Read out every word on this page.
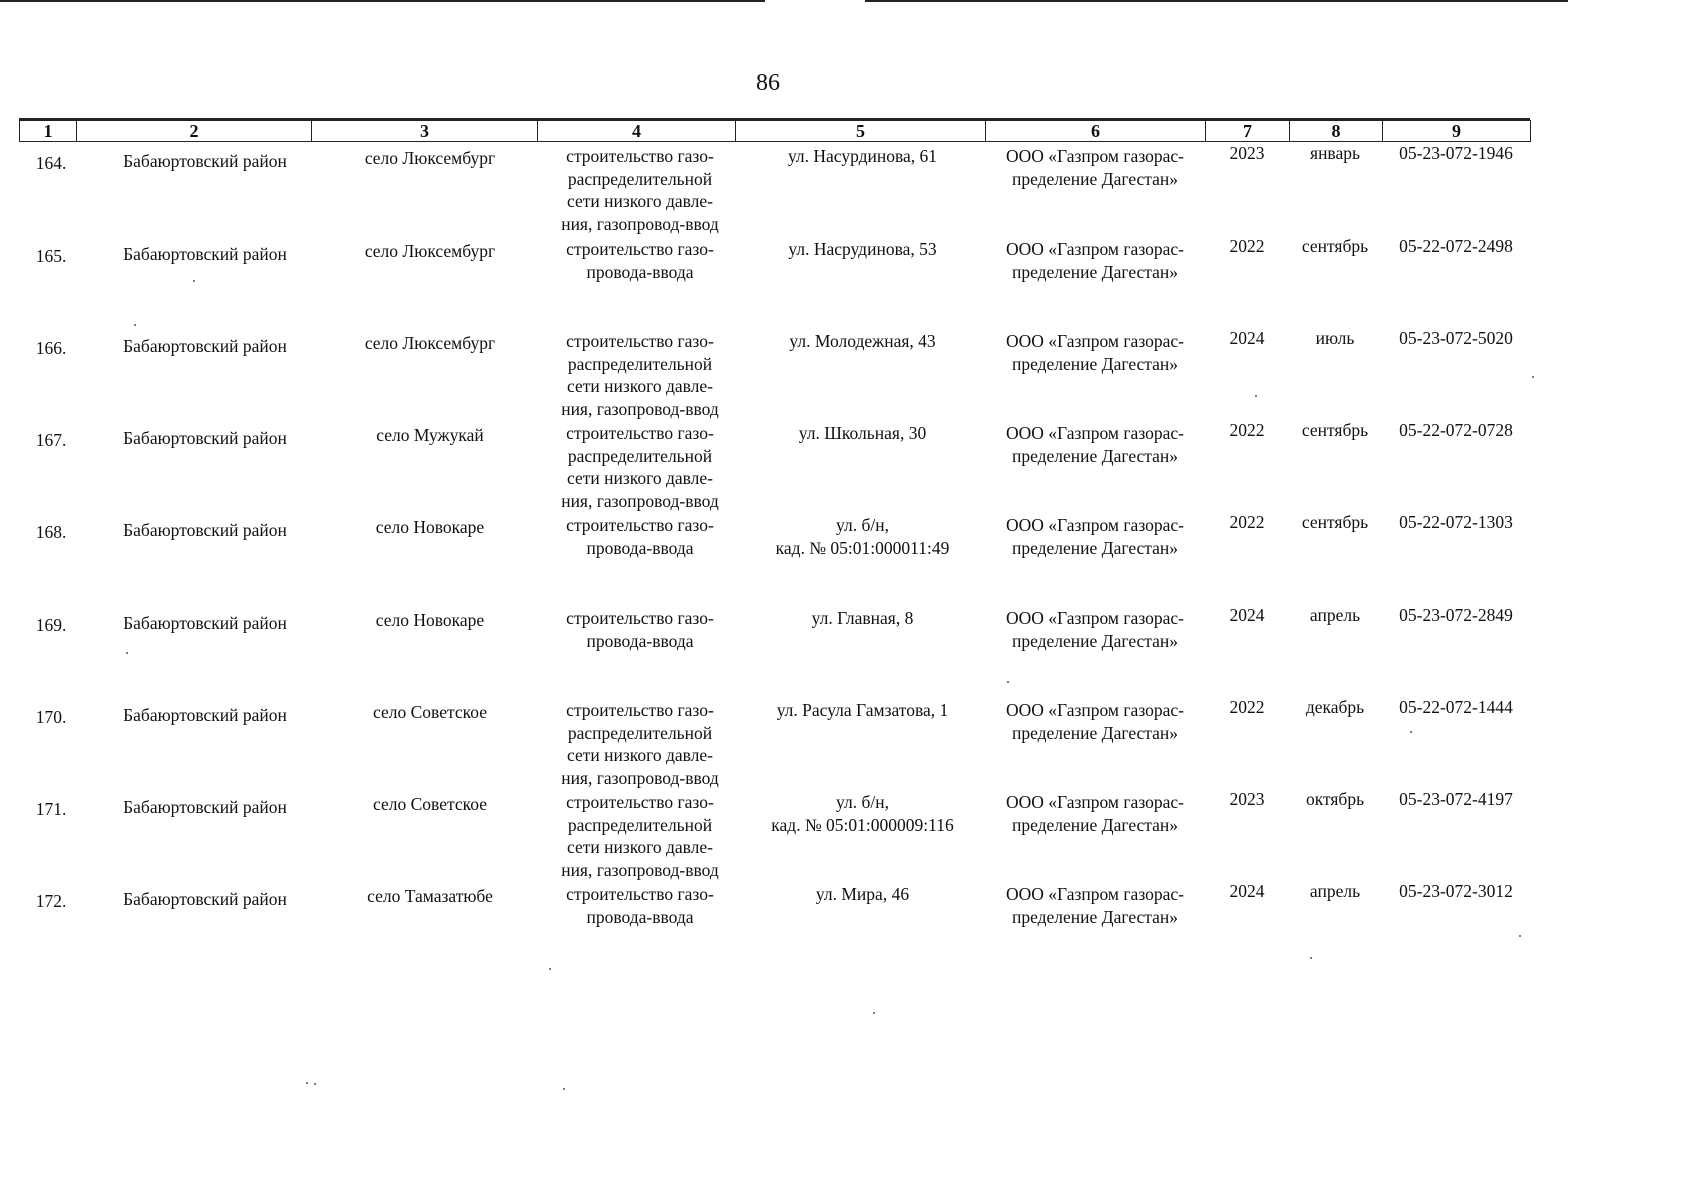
86
1	2	3	4	5	6	7	8	9
164.	Бабаюртовский район	село Люксембург	строительство газо-
распределительной
сети низкого давле-
ния, газопровод-ввод
ул. Насурдинова, 61	ООО «Газпром газорас-
пределение Дагестан»
2023	январь	05-23-072-1946
165.	Бабаюртовский район	село Люксембург	строительство газо-
провода-ввода
ул. Насрудинова, 53	ООО «Газпром газорас-
пределение Дагестан»
2022	сентябрь	05-22-072-2498
166.	Бабаюртовский район	село Люксембург	строительство газо-
распределительной
сети низкого давле-
ния, газопровод-ввод
ул. Молодежная, 43	ООО «Газпром газорас-
пределение Дагестан»
2024	июль	05-23-072-5020
167.	Бабаюртовский район	село Мужукай	строительство газо-
распределительной
сети низкого давле-
ния, газопровод-ввод
ул. Школьная, 30	ООО «Газпром газорас-
пределение Дагестан»
2022	сентябрь	05-22-072-0728
168.	Бабаюртовский район	село Новокаре	строительство газо-
провода-ввода
ул. б/н,
кад. № 05:01:000011:49
ООО «Газпром газорас-
пределение Дагестан»
2022	сентябрь	05-22-072-1303
169.	Бабаюртовский район	село Новокаре	строительство газо-
провода-ввода
ул. Главная, 8	ООО «Газпром газорас-
пределение Дагестан»
2024	апрель	05-23-072-2849
170.	Бабаюртовский район	село Советское	строительство газо-
распределительной
сети низкого давле-
ния, газопровод-ввод
ул. Расула Гамзатова, 1	ООО «Газпром газорас-
пределение Дагестан»
2022	декабрь	05-22-072-1444
171.	Бабаюртовский район	село Советское	строительство газо-
распределительной
сети низкого давле-
ния, газопровод-ввод
ул. б/н,
кад. № 05:01:000009:116
ООО «Газпром газорас-
пределение Дагестан»
2023	октябрь	05-23-072-4197
172.	Бабаюртовский район	село Тамазатюбе	строительство газо-
провода-ввода
ул. Мира, 46	ООО «Газпром газорас-
пределение Дагестан»
2024	апрель	05-23-072-3012
